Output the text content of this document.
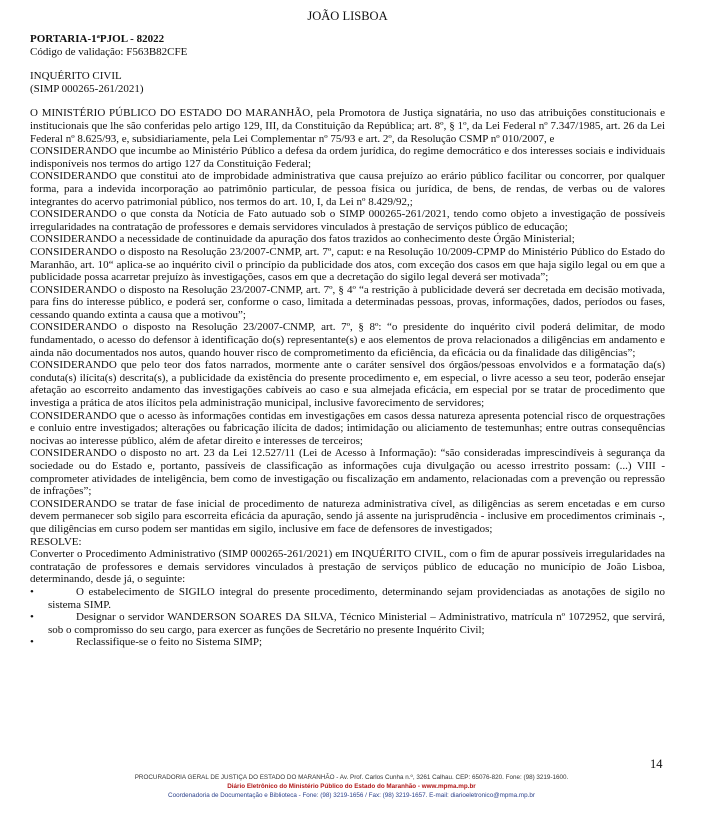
JOÃO LISBOA

PORTARIA-1ªPJOL - 82022

Código de validação: F563B82CFE

INQUÉRITO CIVIL

(SIMP 000265-261/2021)

O MINISTÉRIO PÚBLICO DO ESTADO DO MARANHÃO, pela Promotora de Justiça signatária, no uso das atribuições constitucionais e institucionais que lhe são conferidas pelo artigo 129, III, da Constituição da República; art. 8º, § 1º, da Lei Federal nº 7.347/1985, art. 26 da Lei Federal nº 8.625/93, e, subsidiariamente, pela Lei Complementar nº 75/93 e art. 2º, da Resolução CSMP nº 010/2007, e

CONSIDERANDO que incumbe ao Ministério Público a defesa da ordem jurídica, do regime democrático e dos interesses sociais e individuais indisponíveis nos termos do artigo 127 da Constituição Federal;

CONSIDERANDO que constitui ato de improbidade administrativa que causa prejuízo ao erário público facilitar ou concorrer, por qualquer forma, para a indevida incorporação ao patrimônio particular, de pessoa física ou jurídica, de bens, de rendas, de verbas ou de valores integrantes do acervo patrimonial público, nos termos do art. 10, I, da Lei nº 8.429/92,;

CONSIDERANDO o que consta da Notícia de Fato autuado sob o SIMP 000265-261/2021, tendo como objeto a investigação de possíveis irregularidades na contratação de professores e demais servidores vinculados à prestação de serviços público de educação;

CONSIDERANDO a necessidade de continuidade da apuração dos fatos trazidos ao conhecimento deste Órgão Ministerial;

CONSIDERANDO o disposto na Resolução 23/2007-CNMP, art. 7º, caput: e na Resolução 10/2009-CPMP do Ministério Público do Estado do Maranhão, art. 10“ aplica-se ao inquérito civil o princípio da publicidade dos atos, com exceção dos casos em que haja sigilo legal ou em que a publicidade possa acarretar prejuízo às investigações, casos em que a decretação do sigilo legal deverá ser motivada”;

CONSIDERANDO o disposto na Resolução 23/2007-CNMP, art. 7º, § 4º “a restrição à publicidade deverá ser decretada em decisão motivada, para fins do interesse público, e poderá ser, conforme o caso, limitada a determinadas pessoas, provas, informações, dados, períodos ou fases, cessando quando extinta a causa que a motivou”;

CONSIDERANDO o disposto na Resolução 23/2007-CNMP, art. 7º, § 8º: “o presidente do inquérito civil poderá delimitar, de modo fundamentado, o acesso do defensor à identificação do(s) representante(s) e aos elementos de prova relacionados a diligências em andamento e ainda não documentados nos autos, quando houver risco de comprometimento da eficiência, da eficácia ou da finalidade das diligências”;

CONSIDERANDO que pelo teor dos fatos narrados, mormente ante o caráter sensível dos órgãos/pessoas envolvidos e a formatação da(s) conduta(s) ilícita(s) descrita(s), a publicidade da existência do presente procedimento e, em especial, o livre acesso a seu teor, poderão ensejar afetação ao escorreito andamento das investigações cabíveis ao caso e sua almejada eficácia, em especial por se tratar de procedimento que investiga a prática de atos ilícitos pela administração municipal, inclusive favorecimento de servidores;

CONSIDERANDO que o acesso às informações contidas em investigações em casos dessa natureza apresenta potencial risco de orquestrações e conluio entre investigados; alterações ou fabricação ilícita de dados; intimidação ou aliciamento de testemunhas; entre outras consequências nocivas ao interesse público, além de afetar direito e interesses de terceiros;

CONSIDERANDO o disposto no art. 23 da Lei 12.527/11 (Lei de Acesso à Informação): “são consideradas imprescindíveis à segurança da sociedade ou do Estado e, portanto, passíveis de classificação as informações cuja divulgação ou acesso irrestrito possam: (...) VIII - comprometer atividades de inteligência, bem como de investigação ou fiscalização em andamento, relacionadas com a prevenção ou repressão de infrações”;

CONSIDERANDO se tratar de fase inicial de procedimento de natureza administrativa cível, as diligências as serem encetadas e em curso devem permanecer sob sigilo para escorreita eficácia da apuração, sendo já assente na jurisprudência - inclusive em procedimentos criminais -, que diligências em curso podem ser mantidas em sigilo, inclusive em face de defensores de investigados;

RESOLVE:

Converter o Procedimento Administrativo (SIMP 000265-261/2021) em INQUÉRITO CIVIL, com o fim de apurar possíveis irregularidades na contratação de professores e demais servidores vinculados à prestação de serviços público de educação no município de João Lisboa, determinando, desde já, o seguinte:

•	O estabelecimento de SIGILO integral do presente procedimento, determinando sejam providenciadas as anotações de sigilo no sistema SIMP.
•	Designar o servidor WANDERSON SOARES DA SILVA, Técnico Ministerial – Administrativo, matrícula nº 1072952, que servirá, sob o compromisso do seu cargo, para exercer as funções de Secretário no presente Inquérito Civil;
•	Reclassifique-se o feito no Sistema SIMP;
14
PROCURADORIA GERAL DE JUSTIÇA DO ESTADO DO MARANHÃO - Av. Prof. Carlos Cunha n.º, 3261 Calhau. CEP: 65076-820. Fone: (98) 3219-1600.
Diário Eletrônico do Ministério Público do Estado do Maranhão - www.mpma.mp.br
Coordenadoria de Documentação e Biblioteca - Fone: (98) 3219-1656 / Fax: (98) 3219-1657. E-mail: diarioeletronico@mpma.mp.br
